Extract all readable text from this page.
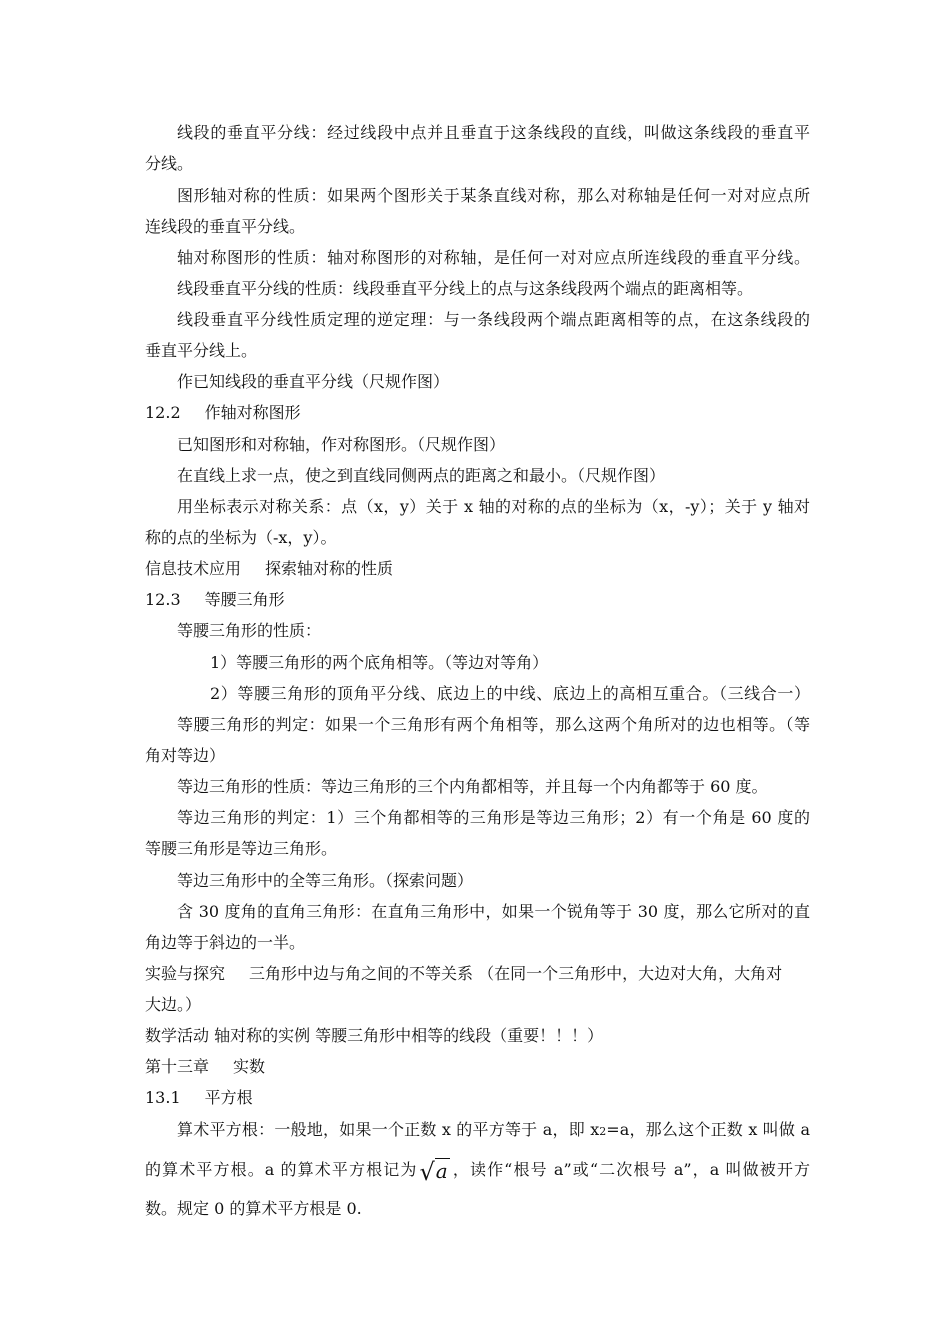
线段的垂直平分线：经过线段中点并且垂直于这条线段的直线，叫做这条线段的垂直平
分线。
图形轴对称的性质：如果两个图形关于某条直线对称，那么对称轴是任何一对对应点所
连线段的垂直平分线。
轴对称图形的性质：轴对称图形的对称轴，是任何一对对应点所连线段的垂直平分线。
线段垂直平分线的性质：线段垂直平分线上的点与这条线段两个端点的距离相等。
线段垂直平分线性质定理的逆定理：与一条线段两个端点距离相等的点，在这条线段的
垂直平分线上。
作已知线段的垂直平分线（尺规作图）
12.2 作轴对称图形
已知图形和对称轴，作对称图形。（尺规作图）
在直线上求一点，使之到直线同侧两点的距离之和最小。（尺规作图）
用坐标表示对称关系：点（x，y）关于 x 轴的对称的点的坐标为（x，-y）；关于 y 轴对
称的点的坐标为（-x，y）。
信息技术应用 探索轴对称的性质
12.3 等腰三角形
等腰三角形的性质：
1）等腰三角形的两个底角相等。（等边对等角）
2）等腰三角形的顶角平分线、底边上的中线、底边上的高相互重合。（三线合一）
等腰三角形的判定：如果一个三角形有两个角相等，那么这两个角所对的边也相等。（等
角对等边）
等边三角形的性质：等边三角形的三个内角都相等，并且每一个内角都等于 60 度。
等边三角形的判定：1）三个角都相等的三角形是等边三角形；2）有一个角是 60 度的
等腰三角形是等边三角形。
等边三角形中的全等三角形。（探索问题）
含 30 度角的直角三角形：在直角三角形中，如果一个锐角等于 30 度，那么它所对的直
角边等于斜边的一半。
实验与探究 三角形中边与角之间的不等关系 （在同一个三角形中，大边对大角，大角对
大边。）
数学活动 轴对称的实例 等腰三角形中相等的线段（重要！！！）
第十三章 实数
13.1 平方根
算术平方根：一般地，如果一个正数 x 的平方等于 a，即 x2=a，那么这个正数 x 叫做 a
的算术平方根。a 的算术平方根记为√a ，读作“根号 a”或“二次根号 a”，a 叫做被开方
数。规定 0 的算术平方根是 0.
